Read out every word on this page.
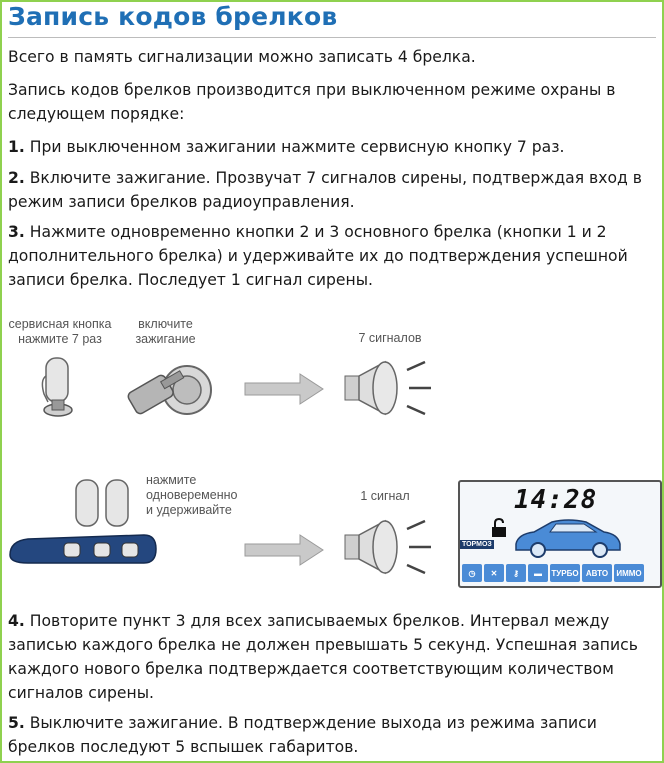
Запись кодов брелков

Всего в память сигнализации можно записать 4 брелка.

Запись кодов брелков производится при выключенном режиме охраны в следующем порядке:

1. При выключенном зажигании нажмите сервисную кнопку 7 раз.

2. Включите зажигание. Прозвучат 7 сигналов сирены, подтверждая вход в режим записи брелков радиоуправления.

3. Нажмите одновременно кнопки 2 и 3 основного брелка (кнопки 1 и 2 дополнительного брелка) и удерживайте их до подтверждения успешной записи брелка. Последует 1 сигнал сирены.

сервисная кнопка
нажмите 7 раз
включите
зажигание	7 сигналов
нажмите
одновеременно
и удерживайте
1 сигнал	14:28
ТОРМОЗ
◷	✕	⚷	▬	ТУРБО АВТО	ИММО

4. Повторите пункт 3 для всех записываемых брелков. Интервал между записью каждого брелка не должен превышать 5 секунд. Успешная запись каждого нового брелка подтверждается соответствующим количеством сигналов сирены.

5. Выключите зажигание. В подтверждение выхода из режима записи брелков последуют 5 вспышек габаритов.
